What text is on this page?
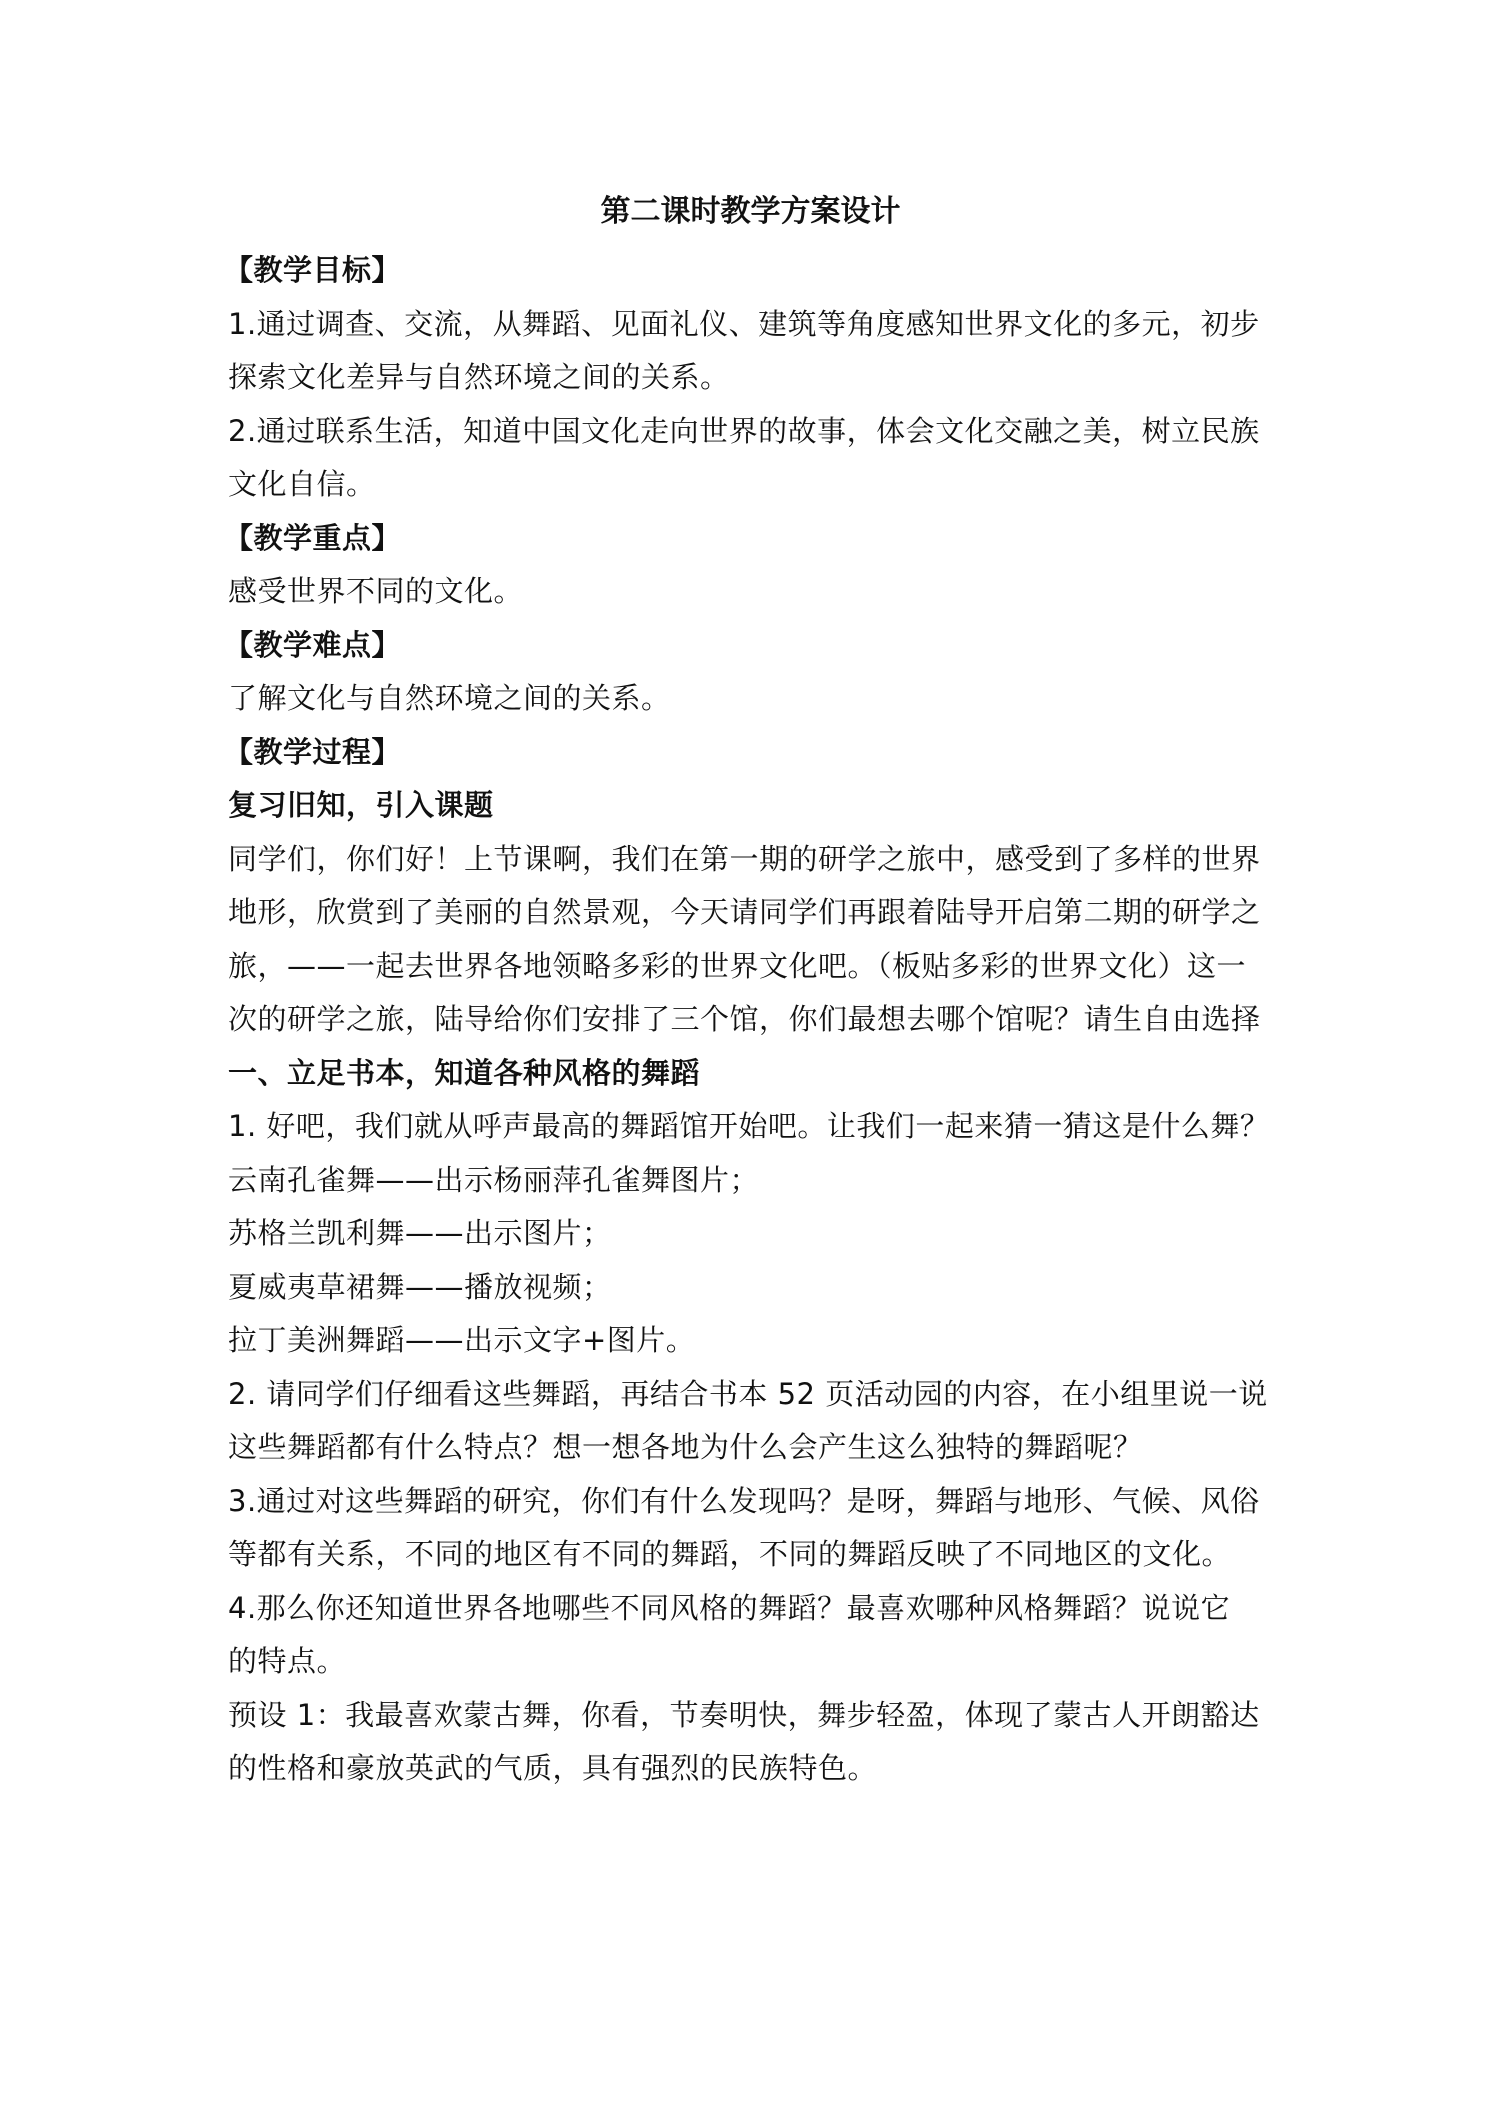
第二课时教学方案设计

【教学目标】

1.通过调查、交流，从舞蹈、见面礼仪、建筑等角度感知世界文化的多元，初步

探索文化差异与自然环境之间的关系。

2.通过联系生活，知道中国文化走向世界的故事，体会文化交融之美，树立民族

文化自信。

【教学重点】

感受世界不同的文化。

【教学难点】

了解文化与自然环境之间的关系。

【教学过程】

复习旧知，引入课题

同学们，你们好！上节课啊，我们在第一期的研学之旅中，感受到了多样的世界

地形，欣赏到了美丽的自然景观，今天请同学们再跟着陆导开启第二期的研学之

旅，——一起去世界各地领略多彩的世界文化吧。（板贴多彩的世界文化）这一

次的研学之旅，陆导给你们安排了三个馆，你们最想去哪个馆呢？请生自由选择

一、立足书本，知道各种风格的舞蹈

1. 好吧，我们就从呼声最高的舞蹈馆开始吧。让我们一起来猜一猜这是什么舞？

云南孔雀舞——出示杨丽萍孔雀舞图片；

苏格兰凯利舞——出示图片；

夏威夷草裙舞——播放视频；

拉丁美洲舞蹈——出示文字+图片。

2. 请同学们仔细看这些舞蹈，再结合书本 52 页活动园的内容，在小组里说一说

这些舞蹈都有什么特点？想一想各地为什么会产生这么独特的舞蹈呢？

3.通过对这些舞蹈的研究，你们有什么发现吗？是呀，舞蹈与地形、气候、风俗

等都有关系，不同的地区有不同的舞蹈，不同的舞蹈反映了不同地区的文化。

4.那么你还知道世界各地哪些不同风格的舞蹈？最喜欢哪种风格舞蹈？说说它

的特点。

预设 1：我最喜欢蒙古舞，你看，节奏明快，舞步轻盈，体现了蒙古人开朗豁达

的性格和豪放英武的气质，具有强烈的民族特色。
